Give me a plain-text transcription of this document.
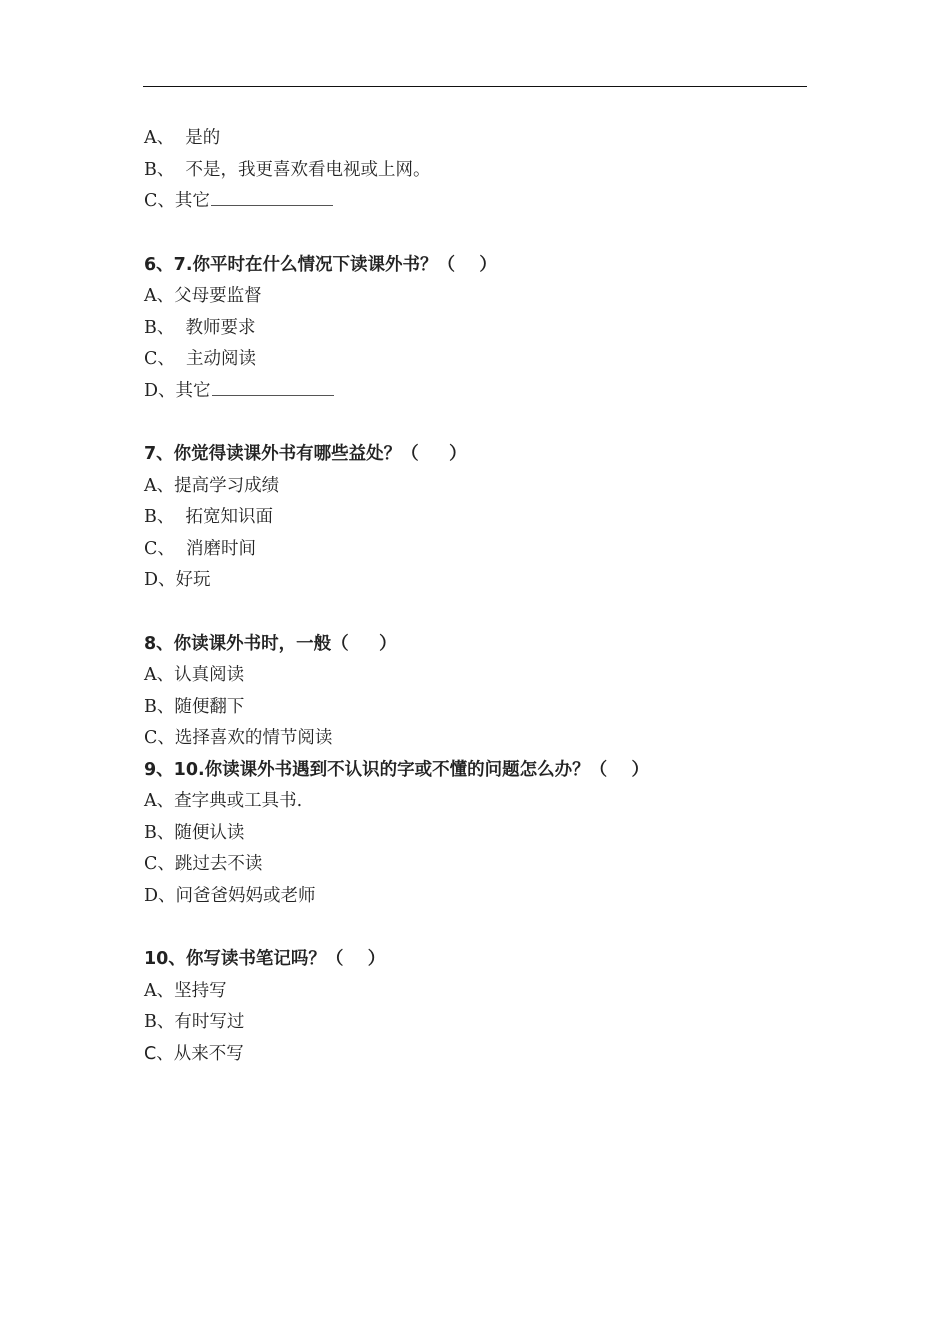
A、  是的
B、  不是，我更喜欢看电视或上网。
C、其它
6、7.你平时在什么情况下读课外书？（    ）
A、父母要监督
B、  教师要求
C、  主动阅读
D、其它
7、你觉得读课外书有哪些益处？（     ）
A、提高学习成绩
B、  拓宽知识面
C、  消磨时间
D、好玩
8、你读课外书时，一般（     ）
A、认真阅读
B、随便翻下
C、选择喜欢的情节阅读
9、10.你读课外书遇到不认识的字或不懂的问题怎么办？（    ）
A、查字典或工具书.
B、随便认读
C、跳过去不读
D、问爸爸妈妈或老师
10、你写读书笔记吗？（    ）
A、坚持写
B、有时写过
C、从来不写
